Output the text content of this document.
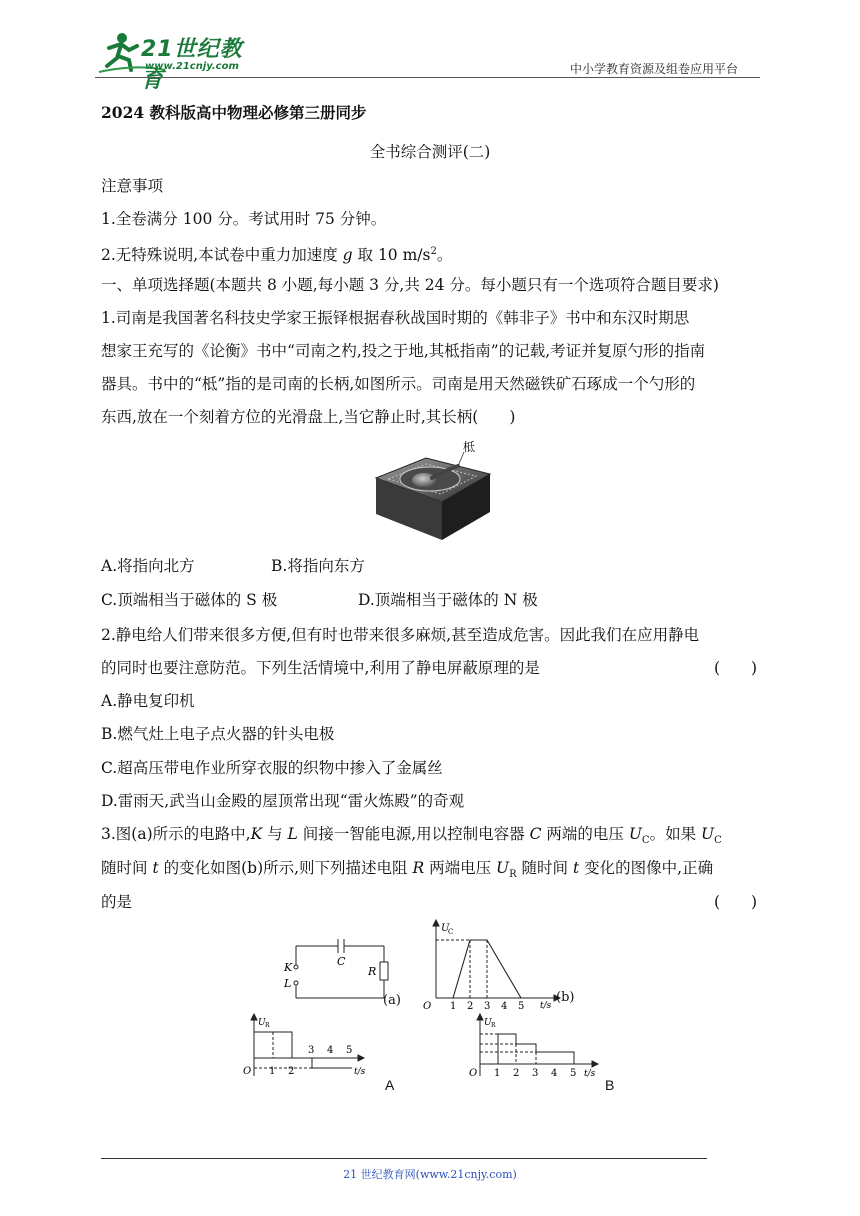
21世纪教育
www.21cnjy.com	中小学教育资源及组卷应用平台
2024 教科版高中物理必修第三册同步
全书综合测评(二)
注意事项
1.全卷满分 100 分。考试用时 75 分钟。
2.无特殊说明,本试卷中重力加速度 g 取 10 $m/s^2$。
一、单项选择题(本题共 8 小题,每小题 3 分,共 24 分。每小题只有一个选项符合题目要求)
1.司南是我国著名科技史学家王振铎根据春秋战国时期的《韩非子》书中和东汉时期思
想家王充写的《论衡》书中“司南之杓,投之于地,其柢指南”的记载,考证并复原勺形的指南
器具。书中的“柢”指的是司南的长柄,如图所示。司南是用天然磁铁矿石琢成一个勺形的
东西,放在一个刻着方位的光滑盘上,当它静止时,其长柄(　　)
柢
A.将指向北方	B.将指向东方
C.顶端相当于磁体的 S 极	D.顶端相当于磁体的 N 极
2.静电给人们带来很多方便,但有时也带来很多麻烦,甚至造成危害。因此我们在应用静电
的同时也要注意防范。下列生活情境中,利用了静电屏蔽原理的是	(　　)
A.静电复印机
B.燃气灶上电子点火器的针头电极
C.超高压带电作业所穿衣服的织物中掺入了金属丝
D.雷雨天,武当山金殿的屋顶常出现“雷火炼殿”的奇观
3.图(a)所示的电路中,K 与 L 间接一智能电源,用以控制电容器 C 两端的电压 $U_C$。如果 $U_C$
随时间 t 的变化如图(b)所示,则下列描述电阻 R 两端电压 $U_R$ 随时间 t 变化的图像中,正确
的是	(　　)
K
L
C
R
(a)
U
C
O 1 2 3 4 5 t/s
(b)
U R
O 1 2
3 4 5
t/s
A
U R
O 1 2 3 4 5 t/s
B
21 世纪教育网(www.21cnjy.com)
